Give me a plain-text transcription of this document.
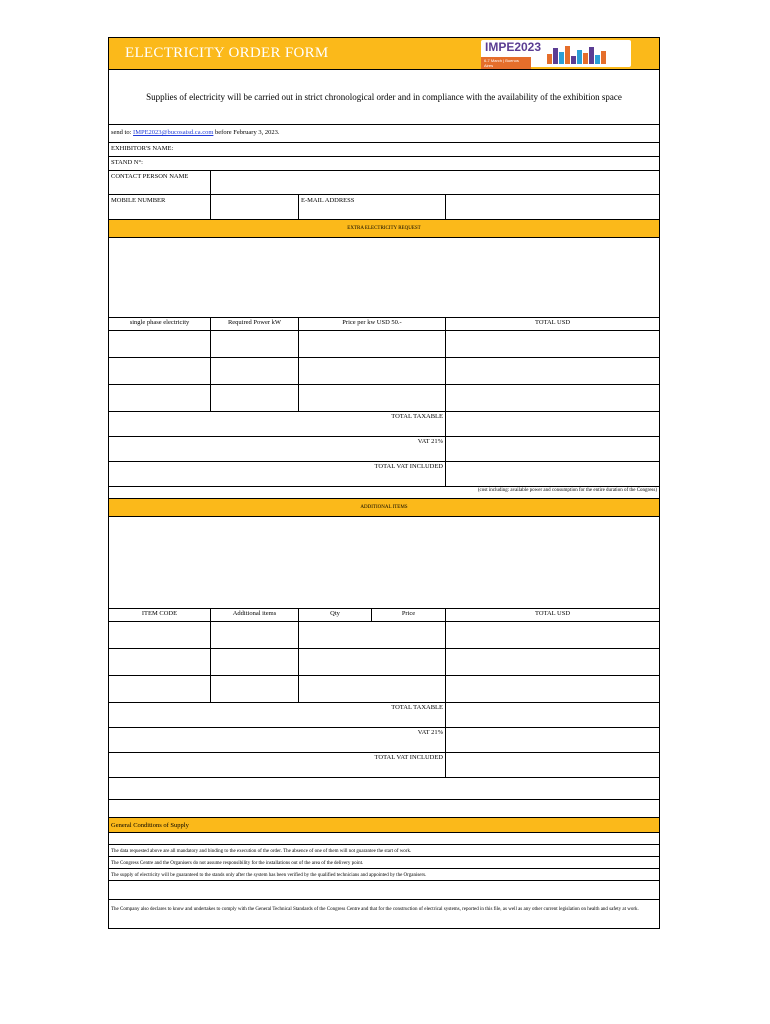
ELECTRICITY ORDER FORM	IMPE2023
6-7 March | Buenos Aires
Supplies of electricity will be carried out in strict chronological order and in compliance with the availability of the exhibition space
send to: IMPE2023@bucosaisd.ca.com before February 3, 2023.
EXHIBITOR'S NAME:
STAND N°:
CONTACT PERSON NAME
MOBILE NUMBER	E-MAIL ADDRESS
EXTRA ELECTRICITY REQUEST
single phase electricity	Required Power kW	Price per kw USD 50.-	TOTAL USD
TOTAL TAXABLE
VAT 21%
TOTAL VAT INCLUDED
(cost including: available power and consumption for the entire duration of the Congress)
ADDITIONAL ITEMS
ITEM CODE	Additional items	Qty	Price	TOTAL USD
TOTAL TAXABLE
VAT 21%
TOTAL VAT INCLUDED
General Conditions of Supply
The data requested above are all mandatory and binding to the execution of the order. The absence of one of them will not guarantee the start of work.
The Congress Centre and the Organisers do not assume responsibility for the installations out of the area of the delivery point.
The supply of electricity will be guaranteed to the stands only after the system has been verified by the qualified technicians and appointed by the Organisers.
The Company also declares to know and undertakes to comply with the General Technical Standards of the Congress Centre and that for the construction of electrical systems, reported in this file, as well as any other current legislation on health and safety at work.
